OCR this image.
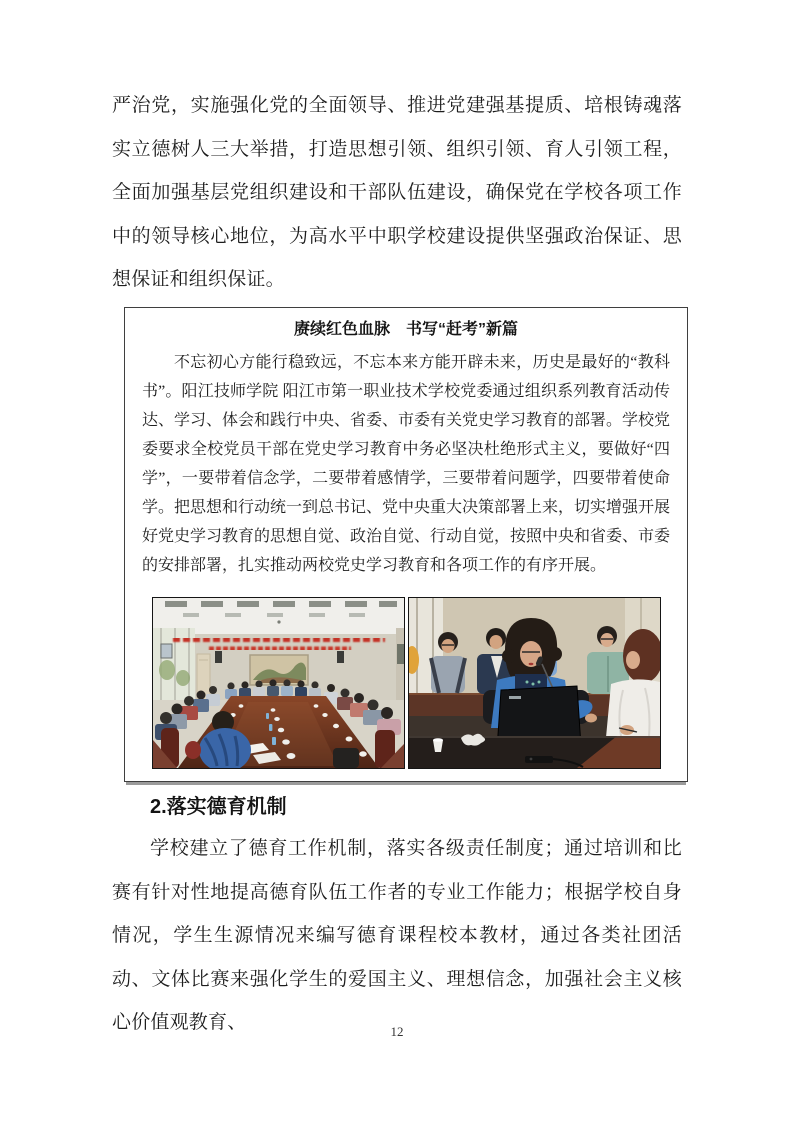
严治党，实施强化党的全面领导、推进党建强基提质、培根铸魂落实立德树人三大举措，打造思想引领、组织引领、育人引领工程，全面加强基层党组织建设和干部队伍建设，确保党在学校各项工作中的领导核心地位，为高水平中职学校建设提供坚强政治保证、思想保证和组织保证。
赓续红色血脉　书写“赶考”新篇
不忘初心方能行稳致远，不忘本来方能开辟未来，历史是最好的“教科书”。阳江技师学院 阳江市第一职业技术学校党委通过组织系列教育活动传达、学习、体会和践行中央、省委、市委有关党史学习教育的部署。学校党委要求全校党员干部在党史学习教育中务必坚决杜绝形式主义，要做好“四学”，一要带着信念学，二要带着感情学，三要带着问题学，四要带着使命学。把思想和行动统一到总书记、党中央重大决策部署上来，切实增强开展好党史学习教育的思想自觉、政治自觉、行动自觉，按照中央和省委、市委的安排部署，扎实推动两校党史学习教育和各项工作的有序开展。
2.落实德育机制
学校建立了德育工作机制，落实各级责任制度；通过培训和比赛有针对性地提高德育队伍工作者的专业工作能力；根据学校自身情况，学生生源情况来编写德育课程校本教材，通过各类社团活动、文体比赛来强化学生的爱国主义、理想信念，加强社会主义核心价值观教育、	12
